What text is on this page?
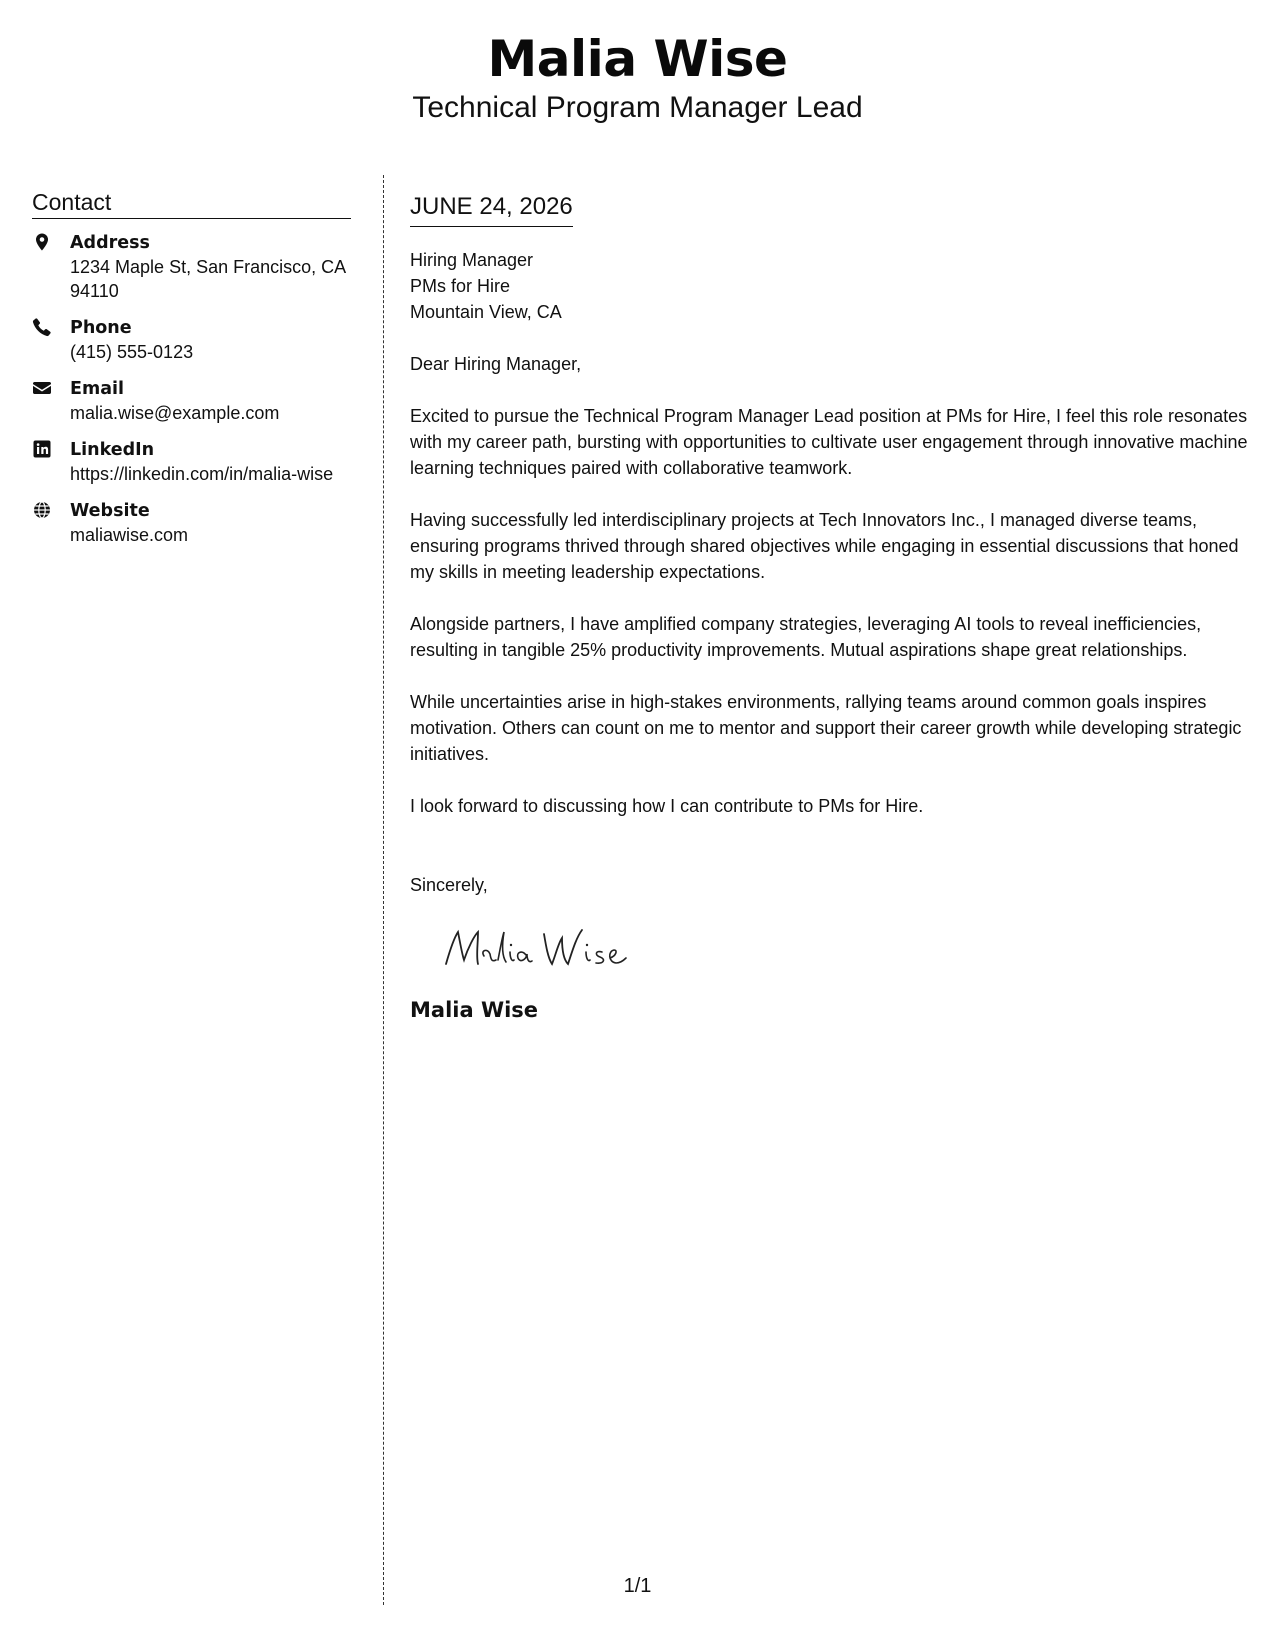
Malia Wise
Technical Program Manager Lead
Contact
Address
1234 Maple St, San Francisco, CA 94110
Phone
(415) 555-0123
Email
malia.wise@example.com
LinkedIn
https://linkedin.com/in/malia-wise
Website
maliawise.com
JUNE 24, 2026
Hiring Manager
PMs for Hire
Mountain View, CA
Dear Hiring Manager,
Excited to pursue the Technical Program Manager Lead position at PMs for Hire, I feel this role resonates with my career path, bursting with opportunities to cultivate user engagement through innovative machine learning techniques paired with collaborative teamwork.
Having successfully led interdisciplinary projects at Tech Innovators Inc., I managed diverse teams, ensuring programs thrived through shared objectives while engaging in essential discussions that honed my skills in meeting leadership expectations.
Alongside partners, I have amplified company strategies, leveraging AI tools to reveal inefficiencies, resulting in tangible 25% productivity improvements. Mutual aspirations shape great relationships.
While uncertainties arise in high-stakes environments, rallying teams around common goals inspires motivation. Others can count on me to mentor and support their career growth while developing strategic initiatives.
I look forward to discussing how I can contribute to PMs for Hire.
Sincerely,
Malia Wise
1/1
